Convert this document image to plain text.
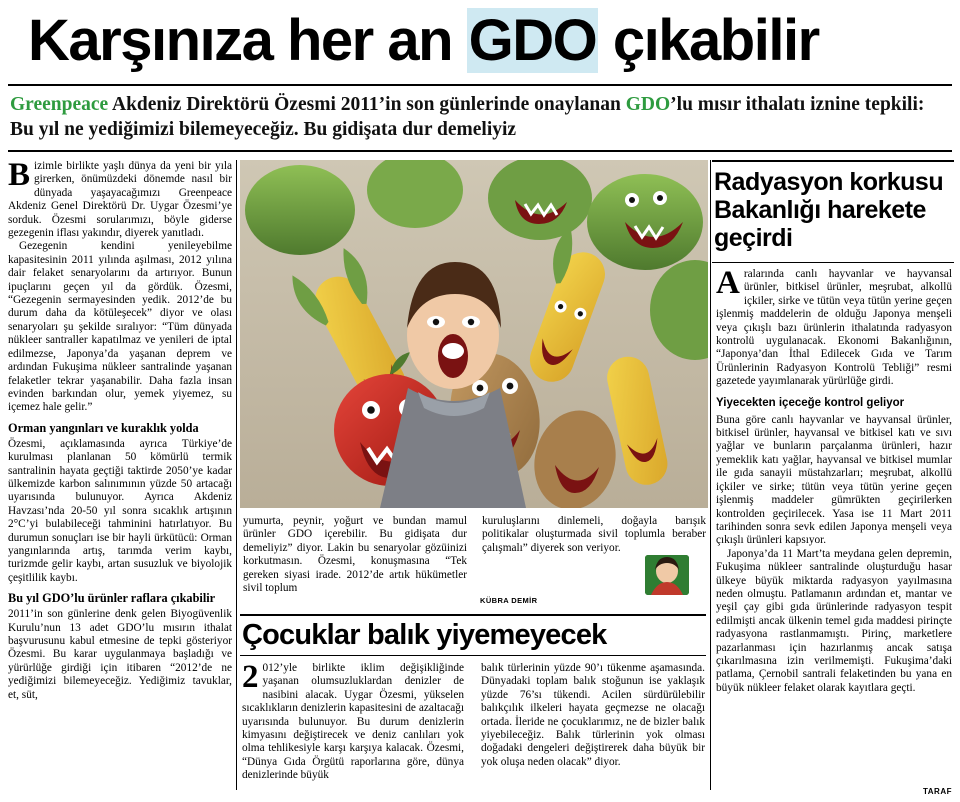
Karşınıza her an GDO çıkabilir
Greenpeace Akdeniz Direktörü Özesmi 2011’in son günlerinde onaylanan GDO’lu mısır ithalatı iznine tepkili: Bu yıl ne yediğimizi bilemeyeceğiz. Bu gidişata dur demeliyiz

Bizimle birlikte yaşlı dünya da yeni bir yıla girerken, önümüzdeki dönemde nasıl bir dünyada yaşayacağımızı Greenpeace Akdeniz Genel Direktörü Dr. Uygar Özesmi’ye sorduk. Özesmi sorularımızı, böyle giderse gezegenin iflası yakındır, diyerek yanıtladı.

Gezegenin kendini yenileyebilme kapasitesinin 2011 yılında aşılması, 2012 yılına dair felaket senaryolarını da artırıyor. Bunun ipuçlarını geçen yıl da gördük. Özesmi, “Gezegenin sermayesinden yedik. 2012’de bu durum daha da kötüleşecek” diyor ve olası senaryoları şu şekilde sıralıyor: “Tüm dünyada nükleer santraller kapatılmaz ve yenileri de iptal edilmezse, Japonya’da yaşanan deprem ve ardından Fukuşima nükleer santralinde yaşanan felaketler tekrar yaşanabilir. Daha fazla insan evinden barkından olur, yemek yiyemez, su içemez hale gelir.”

Orman yangınları ve kuraklık yolda

Özesmi, açıklamasında ayrıca Türkiye’de kurulması planlanan 50 kömürlü termik santralinin hayata geçtiği taktirde 2050’ye kadar ülkemizde karbon salınımının yüzde 50 artacağı uyarısında bulunuyor. Ayrıca Akdeniz Havzası’nda 20-50 yıl sonra sıcaklık artışının 2°C’yi bulabileceği tahminini hatırlatıyor. Bu durumun sonuçları ise bir hayli ürkütücü: Orman yangınlarında artış, tarımda verim kaybı, turizmde gelir kaybı, artan susuzluk ve biyolojik çeşitlilik kaybı.

Bu yıl GDO’lu ürünler raflara çıkabilir

2011’in son günlerine denk gelen Biyogüvenlik Kurulu’nun 13 adet GDO’lu mısırın ithalat başvurusunu kabul etmesine de tepki gösteriyor Özesmi. Bu karar uygulanmaya başladığı ve yürürlüğe girdiği için itibaren “2012’de ne yediğimizi bilemeyeceğiz. Yediğimiz tavuklar, et, süt,

yumurta, peynir, yoğurt ve bundan mamul ürünler GDO içerebilir. Bu gidişata dur demeliyiz” diyor. Lakin bu senaryolar gözüinizi korkutmasın. Özesmi, konuşmasına “Tek gereken siyasi irade. 2012’de artık hükümetler sivil toplum

kuruluşlarını dinlemeli, doğayla barışık politikalar oluşturmada sivil toplumla beraber çalışmalı” diyerek son veriyor.

KÜBRA DEMİR
Çocuklar balık yiyemeyecek

2 012’yle birlikte iklim değişikliğinde yaşanan olumsuzluklardan denizler de nasibini alacak. Uygar Özesmi, yükselen sıcaklıkların denizlerin kapasitesini de azaltacağı uyarısında bulunuyor. Bu durum denizlerin kimyasını değiştirecek ve deniz canlıları yok olma tehlikesiyle karşı karşıya kalacak. Özesmi, “Dünya Gıda Örgütü raporlarına göre, dünya denizlerinde büyük

balık türlerinin yüzde 90’ı tükenme aşamasında. Dünyadaki toplam balık stoğunun ise yaklaşık yüzde 76’sı tükendi. Acilen sürdürülebilir balıkçılık ilkeleri hayata geçmezse ne olacağı ortada. İleride ne çocuklarımız, ne de bizler balık yiyebileceğiz. Balık türlerinin yok olması doğadaki dengeleri değiştirerek daha büyük bir yok oluşa neden olacak” diyor.

Radyasyon korkusu Bakanlığı harekete geçirdi

Aralarında canlı hayvanlar ve hayvansal ürünler, bitkisel ürünler, meşrubat, alkollü içkiler, sirke ve tütün veya tütün yerine geçen işlenmiş maddelerin de olduğu Japonya menşeli veya çıkışlı bazı ürünlerin ithalatında radyasyon kontrolü uygulanacak. Ekonomi Bakanlığının, “Japonya’dan İthal Edilecek Gıda ve Tarım Ürünlerinin Radyasyon Kontrolü Tebliği” resmi gazetede yayımlanarak yürürlüğe girdi.

Yiyecekten içeceğe kontrol geliyor

Buna göre canlı hayvanlar ve hayvansal ürünler, bitkisel ürünler, hayvansal ve bitkisel katı ve sıvı yağlar ve bunların parçalanma ürünleri, hazır yemeklik katı yağlar, hayvansal ve bitkisel mumlar ile gıda sanayii müstahzarları; meşrubat, alkollü içkiler ve sirke; tütün veya tütün yerine geçen işlenmiş maddeler gümrükten geçirilerken kontrolden geçirilecek. Yasa ise 11 Mart 2011 tarihinden sonra sevk edilen Japonya menşeli veya çıkışlı ürünleri kapsıyor.

Japonya’da 11 Mart’ta meydana gelen depremin, Fukuşima nükleer santralinde oluşturduğu hasar ülkeye büyük miktarda radyasyon yayılmasına neden olmuştu. Patlamanın ardından et, mantar ve yeşil çay gibi gıda ürünlerinde radyasyon tespit edilmişti ancak ülkenin temel gıda maddesi pirinçte radyasyona rastlanmamıştı. Pirinç, marketlere pazarlanması için hazırlanmış ancak satışa çıkarılmasına izin verilmemişti. Fukuşima’daki patlama, Çernobil santrali felaketinden bu yana en büyük nükleer felaket olarak kayıtlara geçti.

TARAF
